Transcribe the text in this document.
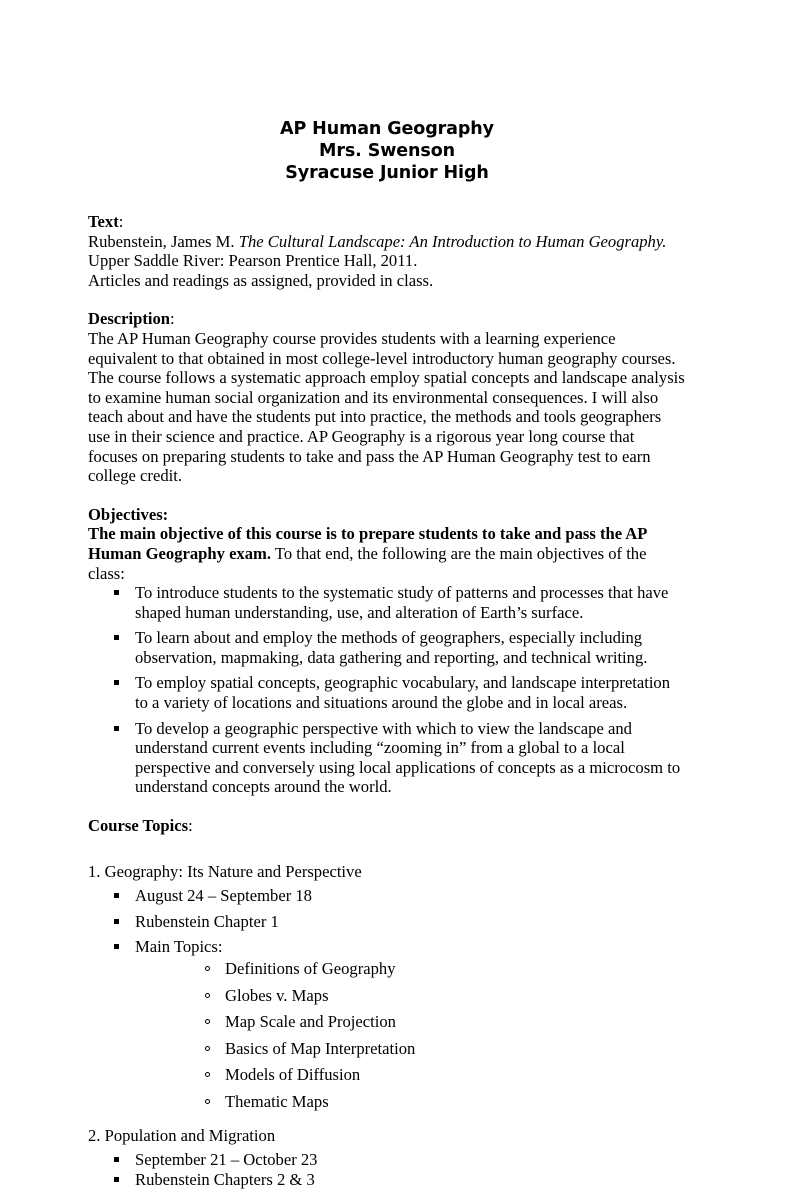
AP Human Geography
Mrs. Swenson
Syracuse Junior High

Text:

Rubenstein, James M. The Cultural Landscape: An Introduction to Human Geography. Upper Saddle River: Pearson Prentice Hall, 2011.

Articles and readings as assigned, provided in class.

Description:

The AP Human Geography course provides students with a learning experience equivalent to that obtained in most college-level introductory human geography courses. The course follows a systematic approach employ spatial concepts and landscape analysis to examine human social organization and its environmental consequences. I will also teach about and have the students put into practice, the methods and tools geographers use in their science and practice. AP Geography is a rigorous year long course that focuses on preparing students to take and pass the AP Human Geography test to earn college credit.

Objectives:

The main objective of this course is to prepare students to take and pass the AP Human Geography exam. To that end, the following are the main objectives of the class:

To introduce students to the systematic study of patterns and processes that have shaped human understanding, use, and alteration of Earth’s surface.
To learn about and employ the methods of geographers, especially including observation, mapmaking, data gathering and reporting, and technical writing.
To employ spatial concepts, geographic vocabulary, and landscape interpretation to a variety of locations and situations around the globe and in local areas.
To develop a geographic perspective with which to view the landscape and understand current events including “zooming in” from a global to a local perspective and conversely using local applications of concepts as a microcosm to understand concepts around the world.

Course Topics:

1. Geography: Its Nature and Perspective

August 24 – September 18
Rubenstein Chapter 1
Main Topics:
Definitions of Geography
Globes v. Maps
Map Scale and Projection
Basics of Map Interpretation
Models of Diffusion
Thematic Maps

2. Population and Migration

September 21 – October 23
Rubenstein Chapters 2 & 3
